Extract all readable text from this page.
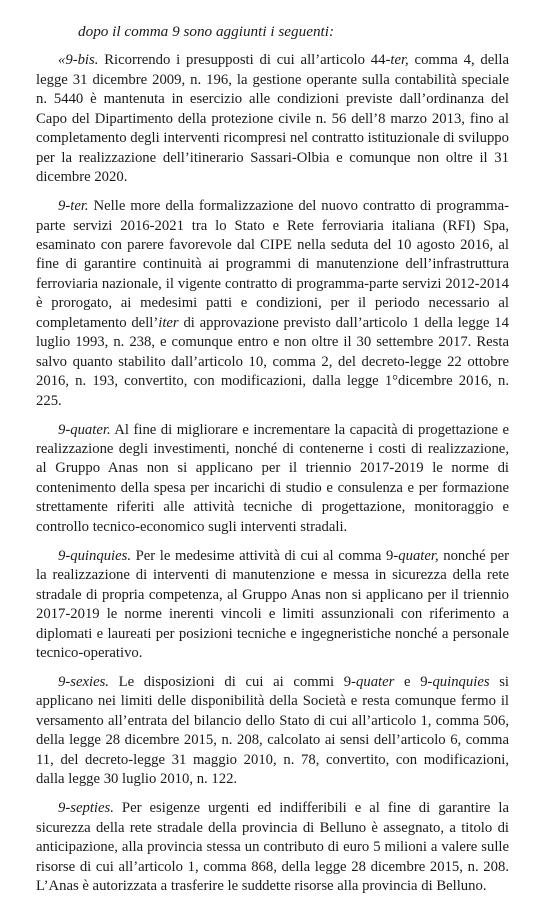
dopo il comma 9 sono aggiunti i seguenti:

«9-bis. Ricorrendo i presupposti di cui all’articolo 44-ter, comma 4, della legge 31 dicembre 2009, n. 196, la gestione operante sulla contabilità speciale n. 5440 è mantenuta in esercizio alle condizioni previste dall’ordinanza del Capo del Dipartimento della protezione civile n. 56 dell’8 marzo 2013, fino al completamento degli interventi ricompresi nel contratto istituzionale di sviluppo per la realizzazione dell’itinerario Sassari-Olbia e comunque non oltre il 31 dicembre 2020.

9-ter. Nelle more della formalizzazione del nuovo contratto di programma-parte servizi 2016-2021 tra lo Stato e Rete ferroviaria italiana (RFI) Spa, esaminato con parere favorevole dal CIPE nella seduta del 10 agosto 2016, al fine di garantire continuità ai programmi di manutenzione dell’infrastruttura ferroviaria nazionale, il vigente contratto di programma-parte servizi 2012-2014 è prorogato, ai medesimi patti e condizioni, per il periodo necessario al completamento dell’iter di approvazione previsto dall’articolo 1 della legge 14 luglio 1993, n. 238, e comunque entro e non oltre il 30 settembre 2017. Resta salvo quanto stabilito dall’articolo 10, comma 2, del decreto-legge 22 ottobre 2016, n. 193, convertito, con modificazioni, dalla legge 1°dicembre 2016, n. 225.

9-quater. Al fine di migliorare e incrementare la capacità di progettazione e realizzazione degli investimenti, nonché di contenerne i costi di realizzazione, al Gruppo Anas non si applicano per il triennio 2017-2019 le norme di contenimento della spesa per incarichi di studio e consulenza e per formazione strettamente riferiti alle attività tecniche di progettazione, monitoraggio e controllo tecnico-economico sugli interventi stradali.

9-quinquies. Per le medesime attività di cui al comma 9-quater, nonché per la realizzazione di interventi di manutenzione e messa in sicurezza della rete stradale di propria competenza, al Gruppo Anas non si applicano per il triennio 2017-2019 le norme inerenti vincoli e limiti assunzionali con riferimento a diplomati e laureati per posizioni tecniche e ingegneristiche nonché a personale tecnico-operativo.

9-sexies. Le disposizioni di cui ai commi 9-quater e 9-quinquies si applicano nei limiti delle disponibilità della Società e resta comunque fermo il versamento all’entrata del bilancio dello Stato di cui all’articolo 1, comma 506, della legge 28 dicembre 2015, n. 208, calcolato ai sensi dell’articolo 6, comma 11, del decreto-legge 31 maggio 2010, n. 78, convertito, con modificazioni, dalla legge 30 luglio 2010, n. 122.

9-septies. Per esigenze urgenti ed indifferibili e al fine di garantire la sicurezza della rete stradale della provincia di Belluno è assegnato, a titolo di anticipazione, alla provincia stessa un contributo di euro 5 milioni a valere sulle risorse di cui all’articolo 1, comma 868, della legge 28 dicembre 2015, n. 208. L’Anas è autorizzata a trasferire le suddette risorse alla provincia di Belluno.
